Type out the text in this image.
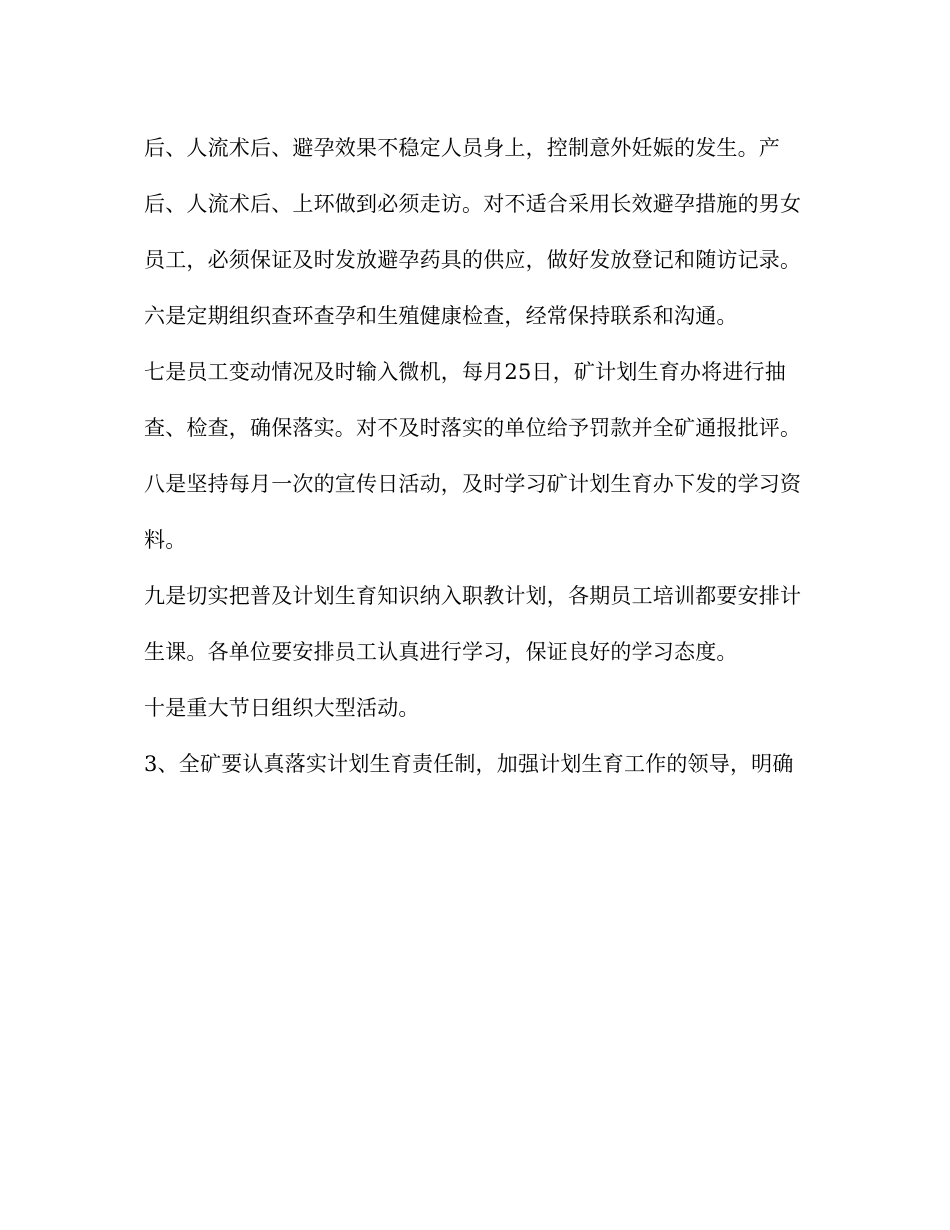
后、人流术后、避孕效果不稳定人员身上，控制意外妊娠的发生。产后、人流术后、上环做到必须走访。对不适合采用长效避孕措施的男女员工，必须保证及时发放避孕药具的供应，做好发放登记和随访记录。

六是定期组织查环查孕和生殖健康检查，经常保持联系和沟通。

七是员工变动情况及时输入微机，每月25日，矿计划生育办将进行抽查、检查，确保落实。对不及时落实的单位给予罚款并全矿通报批评。

八是坚持每月一次的宣传日活动，及时学习矿计划生育办下发的学习资料。

九是切实把普及计划生育知识纳入职教计划，各期员工培训都要安排计生课。各单位要安排员工认真进行学习，保证良好的学习态度。

十是重大节日组织大型活动。

3、全矿要认真落实计划生育责任制，加强计划生育工作的领导，明确
